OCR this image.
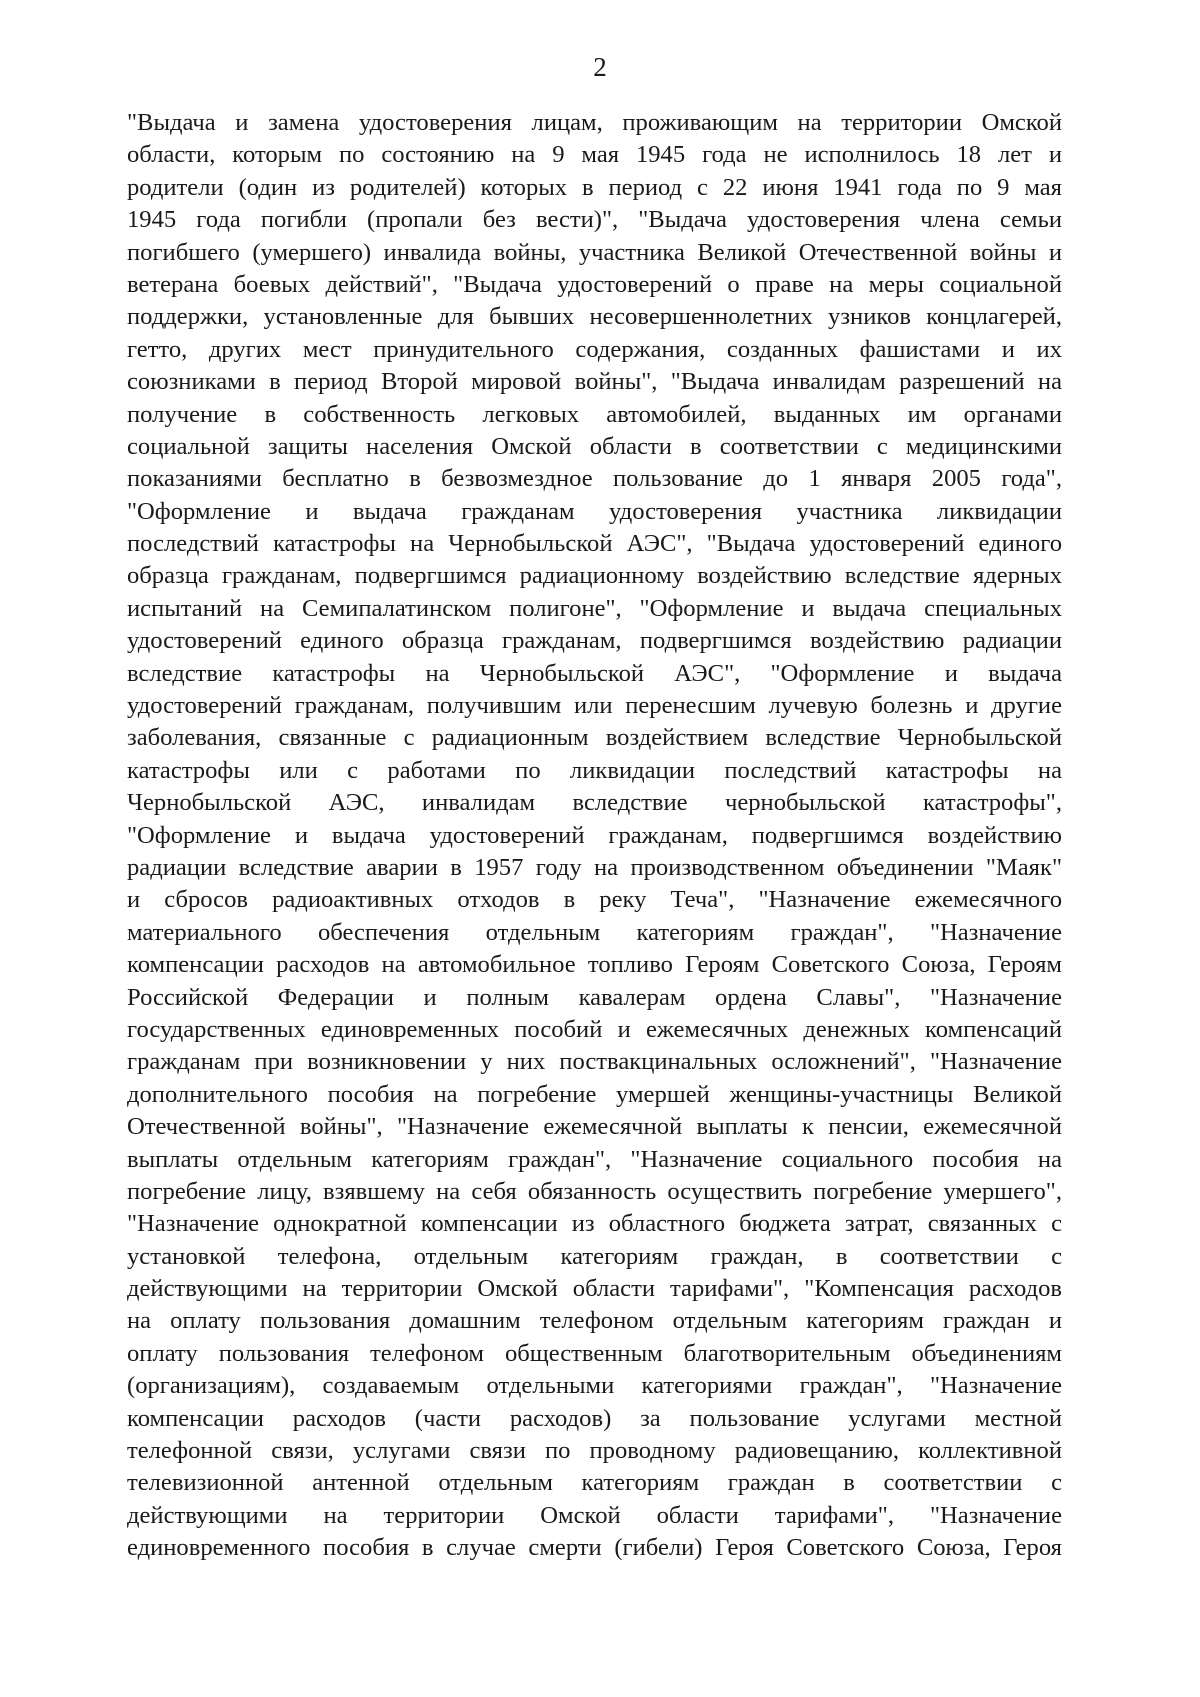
2

"Выдача и замена удостоверения лицам, проживающим на территории Омской
области, которым по состоянию на 9 мая 1945 года не исполнилось 18 лет и
родители (один из родителей) которых в период с 22 июня 1941 года по 9 мая
1945 года погибли (пропали без вести)", "Выдача удостоверения члена семьи
погибшего (умершего) инвалида войны, участника Великой Отечественной войны и
ветерана боевых действий", "Выдача удостоверений о праве на меры социальной
поддержки, установленные для бывших несовершеннолетних узников концлагерей,
гетто, других мест принудительного содержания, созданных фашистами и их
союзниками в период Второй мировой войны", "Выдача инвалидам разрешений на
получение в собственность легковых автомобилей, выданных им органами
социальной защиты населения Омской области в соответствии с медицинскими
показаниями бесплатно в безвозмездное пользование до 1 января 2005 года",
"Оформление и выдача гражданам удостоверения участника ликвидации
последствий катастрофы на Чернобыльской АЭС", "Выдача удостоверений единого
образца гражданам, подвергшимся радиационному воздействию вследствие ядерных
испытаний на Семипалатинском полигоне", "Оформление и выдача специальных
удостоверений единого образца гражданам, подвергшимся воздействию радиации
вследствие катастрофы на Чернобыльской АЭС", "Оформление и выдача
удостоверений гражданам, получившим или перенесшим лучевую болезнь и другие
заболевания, связанные с радиационным воздействием вследствие Чернобыльской
катастрофы или с работами по ликвидации последствий катастрофы на
Чернобыльской АЭС, инвалидам вследствие чернобыльской катастрофы",
"Оформление и выдача удостоверений гражданам, подвергшимся воздействию
радиации вследствие аварии в 1957 году на производственном объединении "Маяк"
и сбросов радиоактивных отходов в реку Теча", "Назначение ежемесячного
материального обеспечения отдельным категориям граждан", "Назначение
компенсации расходов на автомобильное топливо Героям Советского Союза, Героям
Российской Федерации и полным кавалерам ордена Славы", "Назначение
государственных единовременных пособий и ежемесячных денежных компенсаций
гражданам при возникновении у них поствакцинальных осложнений", "Назначение
дополнительного пособия на погребение умершей женщины-участницы Великой
Отечественной войны", "Назначение ежемесячной выплаты к пенсии, ежемесячной
выплаты отдельным категориям граждан", "Назначение социального пособия на
погребение лицу, взявшему на себя обязанность осуществить погребение умершего",
"Назначение однократной компенсации из областного бюджета затрат, связанных с
установкой телефона, отдельным категориям граждан, в соответствии с
действующими на территории Омской области тарифами", "Компенсация расходов
на оплату пользования домашним телефоном отдельным категориям граждан и
оплату пользования телефоном общественным благотворительным объединениям
(организациям), создаваемым отдельными категориями граждан", "Назначение
компенсации расходов (части расходов) за пользование услугами местной
телефонной связи, услугами связи по проводному радиовещанию, коллективной
телевизионной антенной отдельным категориям граждан в соответствии с
действующими на территории Омской области тарифами", "Назначение
единовременного пособия в случае смерти (гибели) Героя Советского Союза, Героя
